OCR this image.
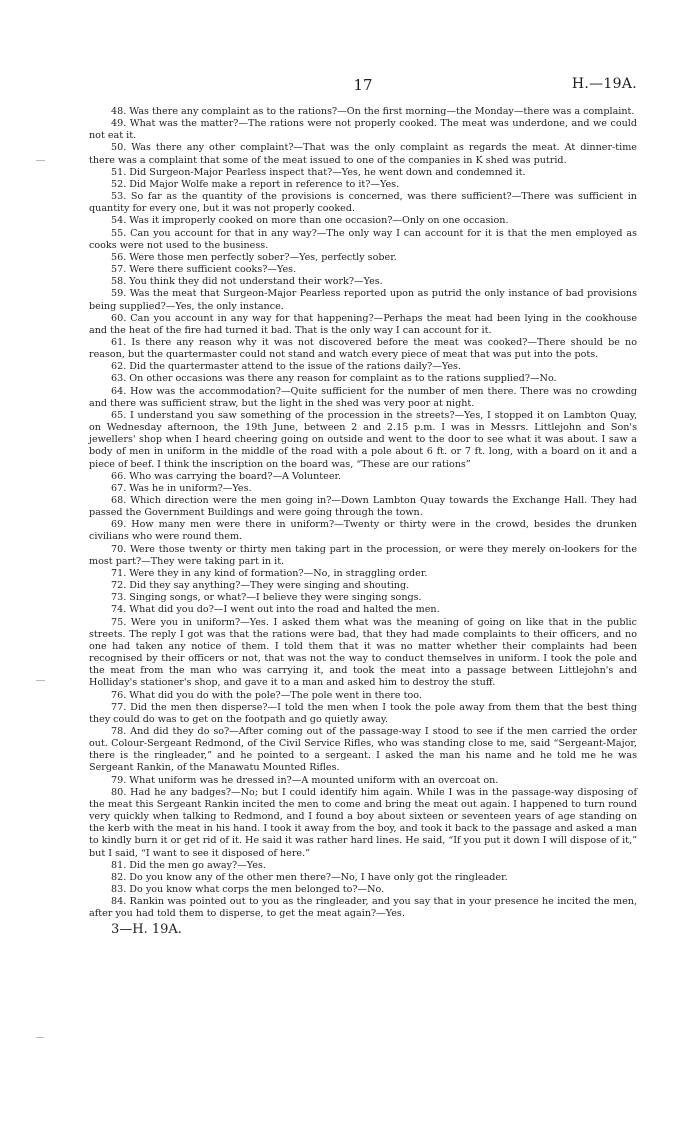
17	H.—19A.

48. Was there any complaint as to the rations?—On the first morning—the Monday—there was a complaint.

49. What was the matter?—The rations were not properly cooked. The meat was underdone, and we could not eat it.

50. Was there any other complaint?—That was the only complaint as regards the meat. At dinner-time there was a complaint that some of the meat issued to one of the companies in K shed was putrid.

51. Did Surgeon-Major Pearless inspect that?—Yes, he went down and condemned it.

52. Did Major Wolfe make a report in reference to it?—Yes.

53. So far as the quantity of the provisions is concerned, was there sufficient?—There was sufficient in quantity for every one, but it was not properly cooked.

54. Was it improperly cooked on more than one occasion?—Only on one occasion.

55. Can you account for that in any way?—The only way I can account for it is that the men employed as cooks were not used to the business.

56. Were those men perfectly sober?—Yes, perfectly sober.

57. Were there sufficient cooks?—Yes.

58. You think they did not understand their work?—Yes.

59. Was the meat that Surgeon-Major Pearless reported upon as putrid the only instance of bad provisions being supplied?—Yes, the only instance.

60. Can you account in any way for that happening?—Perhaps the meat had been lying in the cookhouse and the heat of the fire had turned it bad. That is the only way I can account for it.

61. Is there any reason why it was not discovered before the meat was cooked?—There should be no reason, but the quartermaster could not stand and watch every piece of meat that was put into the pots.

62. Did the quartermaster attend to the issue of the rations daily?—Yes.

63. On other occasions was there any reason for complaint as to the rations supplied?—No.

64. How was the accommodation?—Quite sufficient for the number of men there. There was no crowding and there was sufficient straw, but the light in the shed was very poor at night.

65. I understand you saw something of the procession in the streets?—Yes, I stopped it on Lambton Quay, on Wednesday afternoon, the 19th June, between 2 and 2.15 p.m. I was in Messrs. Littlejohn and Son's jewellers' shop when I heard cheering going on outside and went to the door to see what it was about. I saw a body of men in uniform in the middle of the road with a pole about 6 ft. or 7 ft. long, with a board on it and a piece of beef. I think the inscription on the board was, “These are our rations”

66. Who was carrying the board?—A Volunteer.

67. Was he in uniform?—Yes.

68. Which direction were the men going in?—Down Lambton Quay towards the Exchange Hall. They had passed the Government Buildings and were going through the town.

69. How many men were there in uniform?—Twenty or thirty were in the crowd, besides the drunken civilians who were round them.

70. Were those twenty or thirty men taking part in the procession, or were they merely on-lookers for the most part?—They were taking part in it.

71. Were they in any kind of formation?—No, in straggling order.

72. Did they say anything?—They were singing and shouting.

73. Singing songs, or what?—I believe they were singing songs.

74. What did you do?—I went out into the road and halted the men.

75. Were you in uniform?—Yes. I asked them what was the meaning of going on like that in the public streets. The reply I got was that the rations were bad, that they had made complaints to their officers, and no one had taken any notice of them. I told them that it was no matter whether their complaints had been recognised by their officers or not, that was not the way to conduct themselves in uniform. I took the pole and the meat from the man who was carrying it, and took the meat into a passage between Littlejohn's and Holliday's stationer's shop, and gave it to a man and asked him to destroy the stuff.

76. What did you do with the pole?—The pole went in there too.

77. Did the men then disperse?—I told the men when I took the pole away from them that the best thing they could do was to get on the footpath and go quietly away.

78. And did they do so?—After coming out of the passage-way I stood to see if the men carried the order out. Colour-Sergeant Redmond, of the Civil Service Rifles, who was standing close to me, said “Sergeant-Major, there is the ringleader,” and he pointed to a sergeant. I asked the man his name and he told me he was Sergeant Rankin, of the Manawatu Mounted Rifles.

79. What uniform was he dressed in?—A mounted uniform with an overcoat on.

80. Had he any badges?—No; but I could identify him again. While I was in the passage-way disposing of the meat this Sergeant Rankin incited the men to come and bring the meat out again. I happened to turn round very quickly when talking to Redmond, and I found a boy about sixteen or seventeen years of age standing on the kerb with the meat in his hand. I took it away from the boy, and took it back to the passage and asked a man to kindly burn it or get rid of it. He said it was rather hard lines. He said, “If you put it down I will dispose of it,” but I said, “I want to see it disposed of here.”

81. Did the men go away?—Yes.

82. Do you know any of the other men there?—No, I have only got the ringleader.

83. Do you know what corps the men belonged to?—No.

84. Rankin was pointed out to you as the ringleader, and you say that in your presence he incited the men, after you had told them to disperse, to get the meat again?—Yes.

3—H. 19A.
